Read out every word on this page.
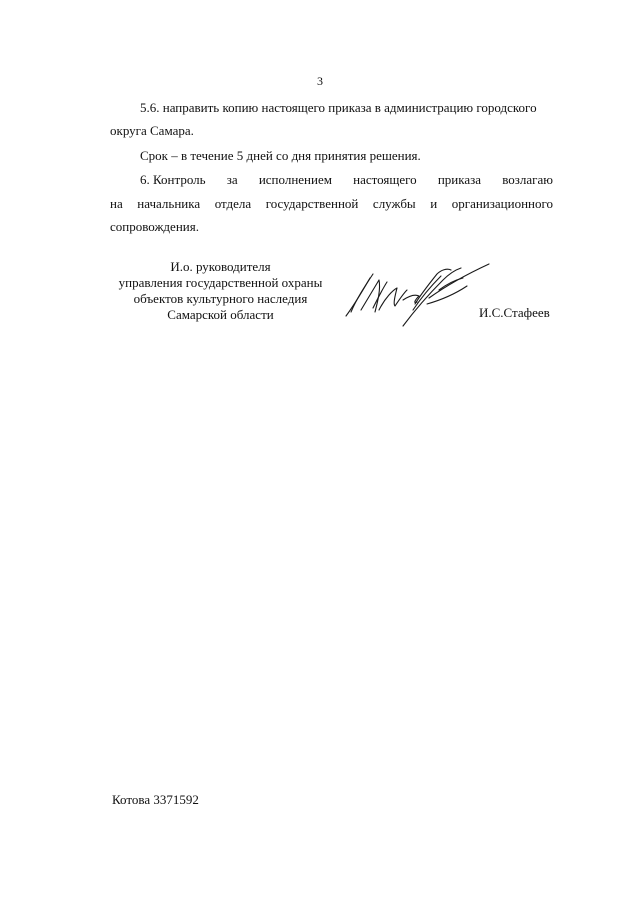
3
5.6. направить копию настоящего приказа в администрацию городского
округа Самара.
Срок – в течение 5 дней со дня принятия решения.
6. Контроль за исполнением настоящего приказа возлагаю
на начальника отдела государственной службы и организационного
сопровождения.
И.о. руководителя
управления государственной охраны
объектов культурного наследия
Самарской области	И.С.Стафеев
Котова 3371592
